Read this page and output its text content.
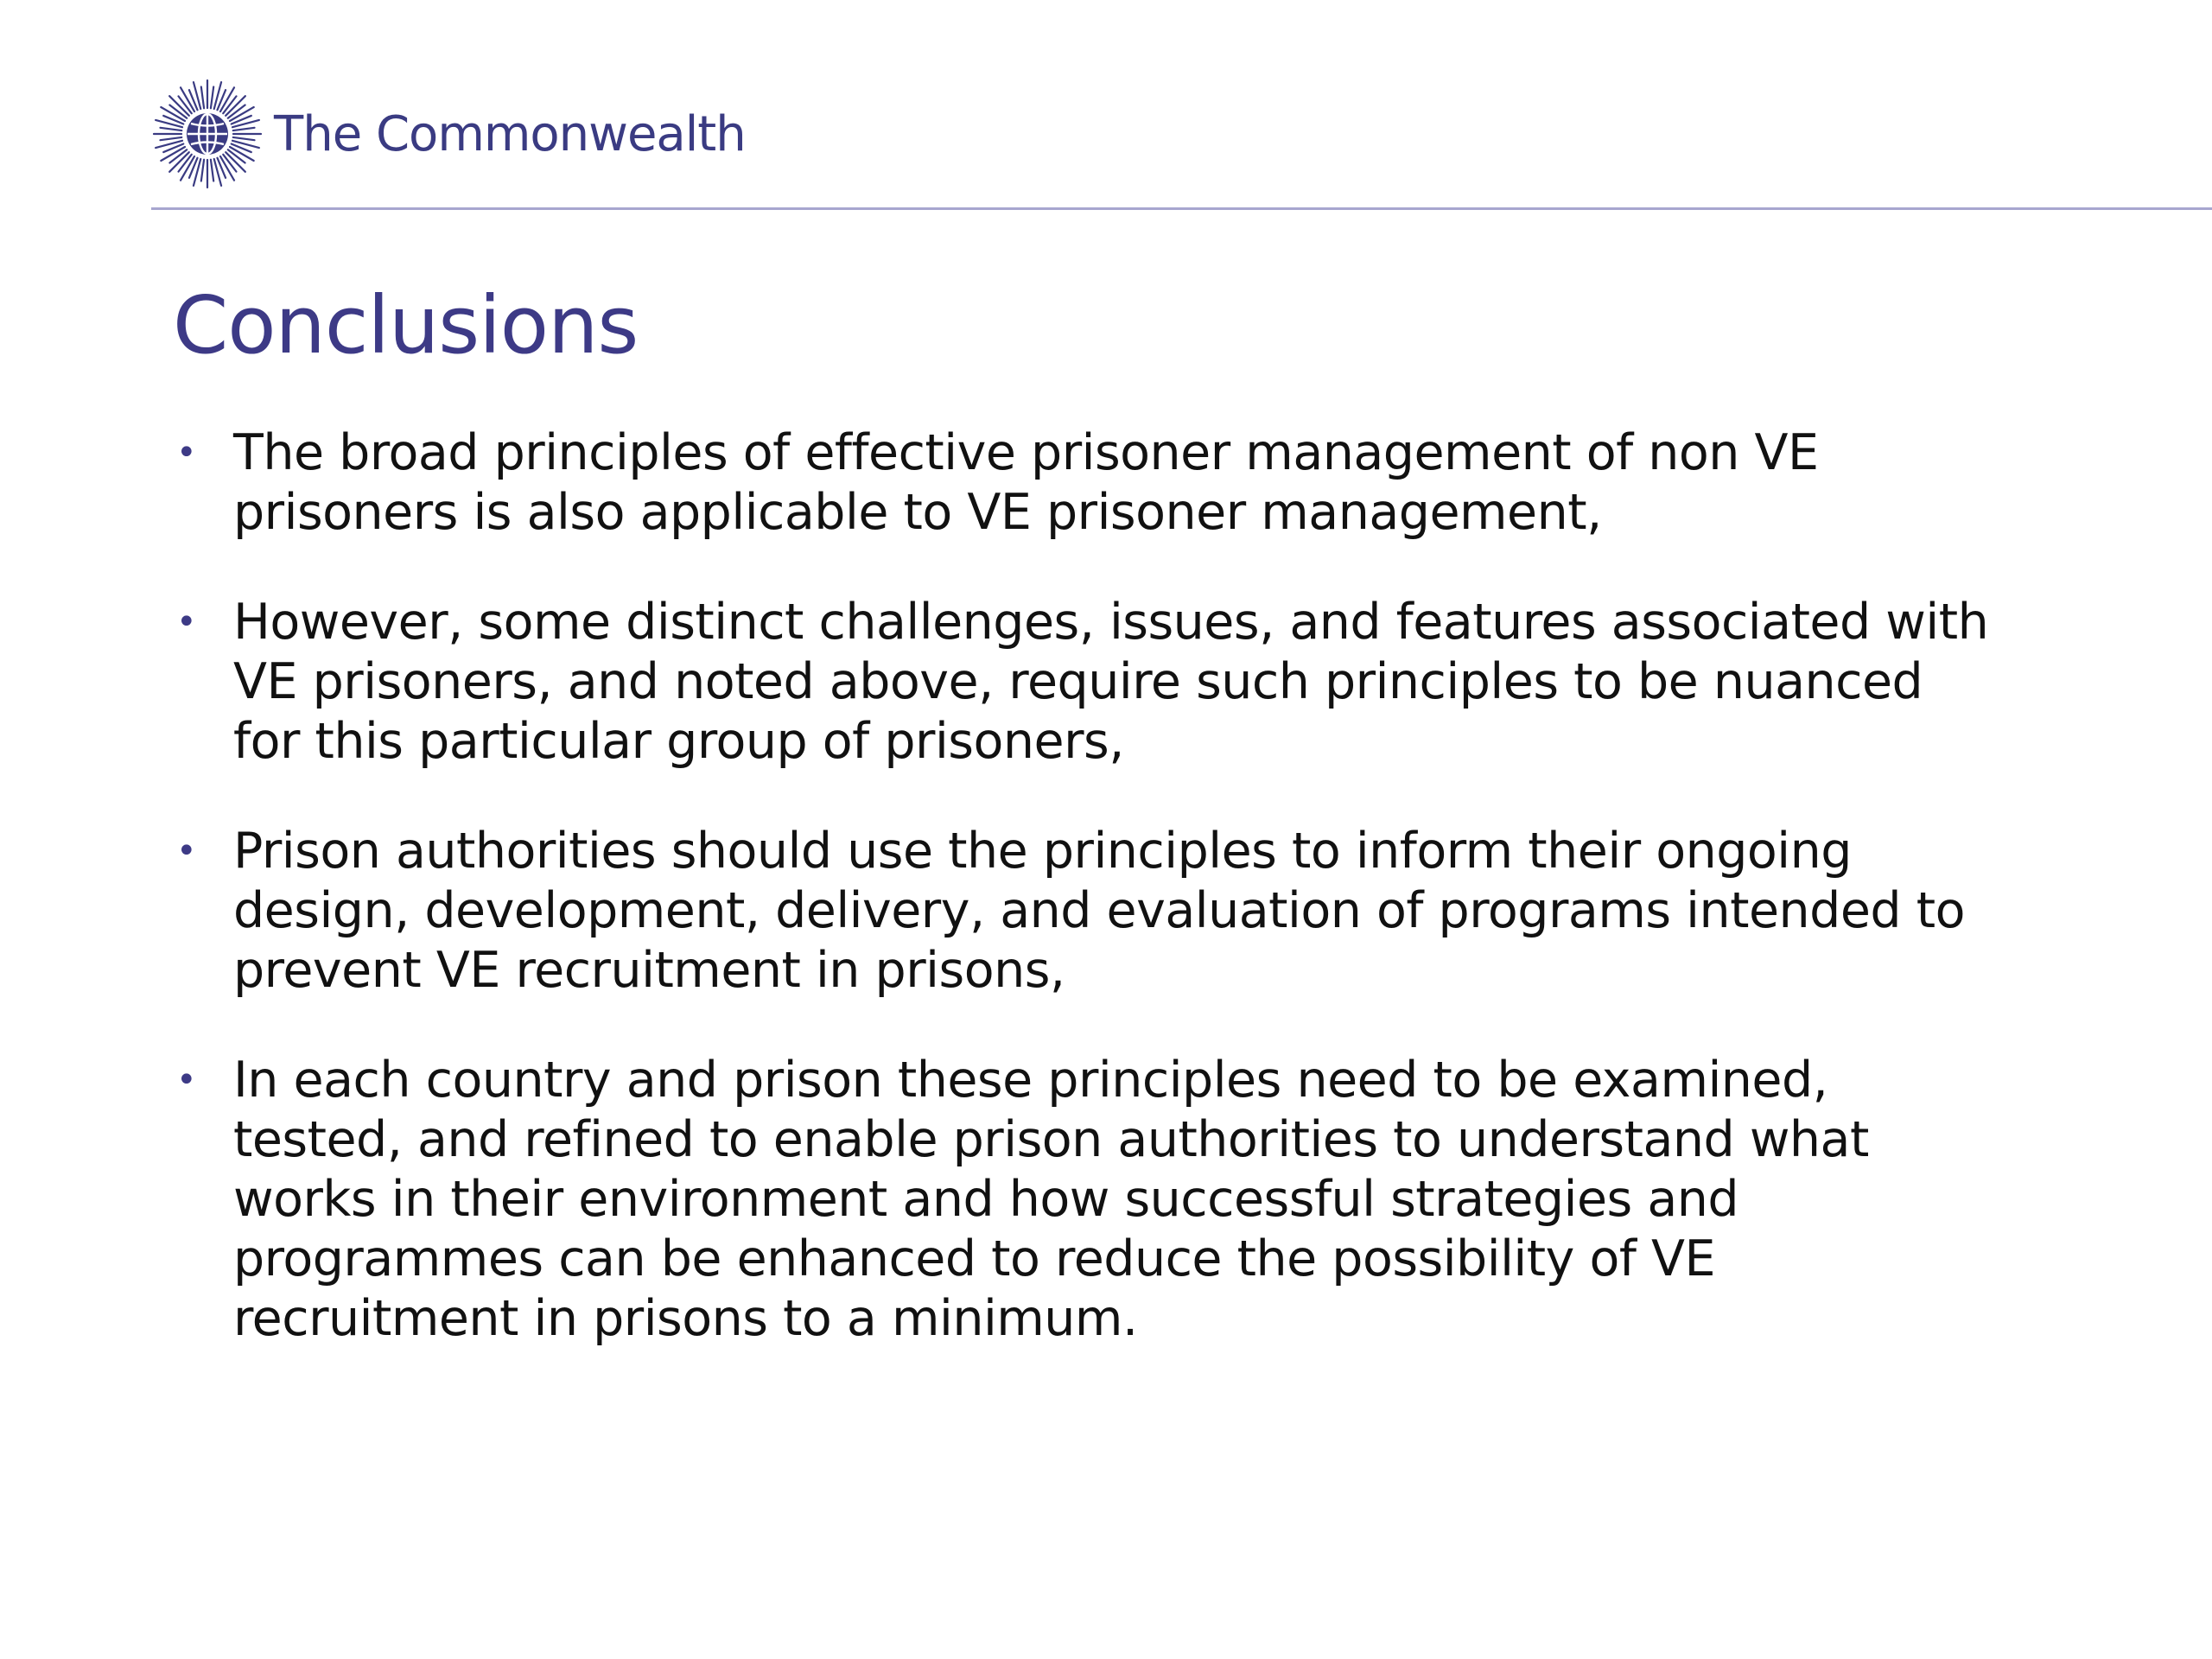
The Commonwealth
Conclusions
• The broad principles of effective prisoner management of non VE
prisoners is also applicable to VE prisoner management,
• However, some distinct challenges, issues, and features associated with
VE prisoners, and noted above, require such principles to be nuanced
for this particular group of prisoners,
• Prison authorities should use the principles to inform their ongoing
design, development, delivery, and evaluation of programs intended to
prevent VE recruitment in prisons,
• In each country and prison these principles need to be examined,
tested, and refined to enable prison authorities to understand what
works in their environment and how successful strategies and
programmes can be enhanced to reduce the possibility of VE
recruitment in prisons to a minimum.
